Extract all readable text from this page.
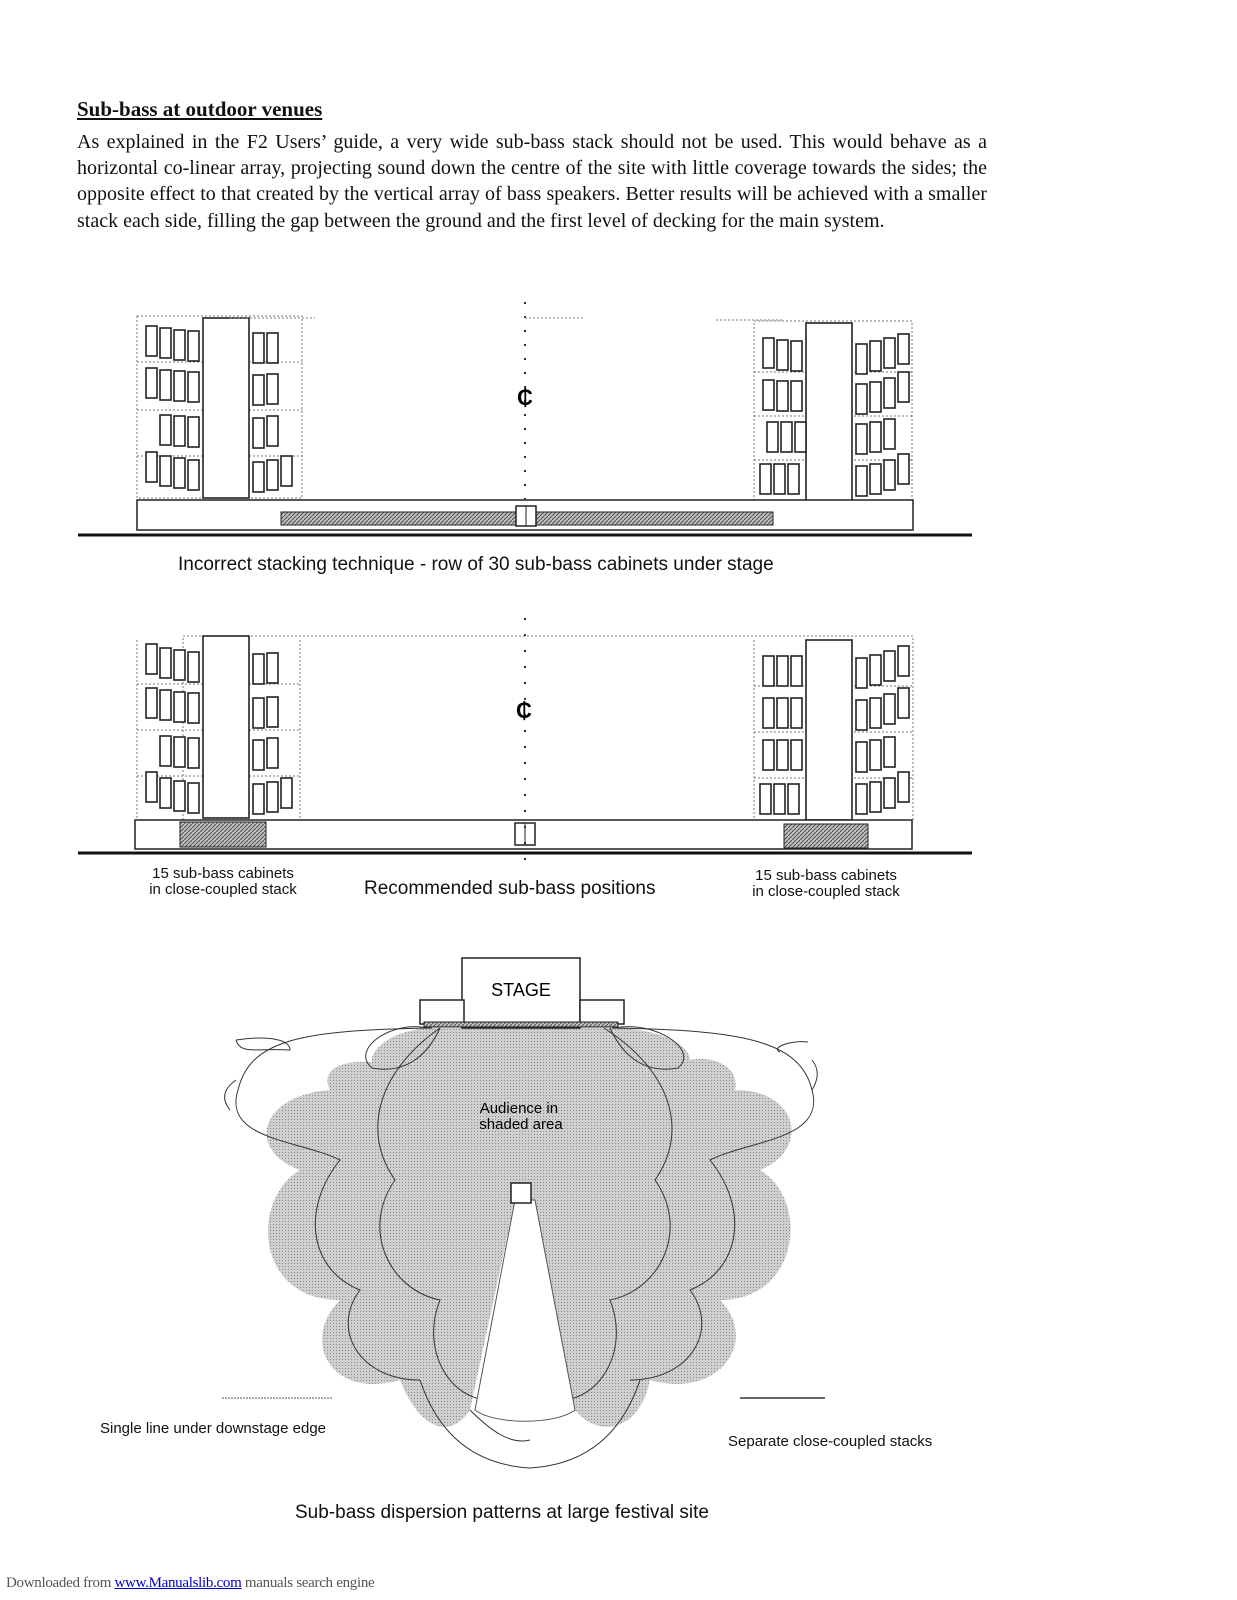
Sub-bass at outdoor venues
As explained in the F2 Users’ guide, a very wide sub-bass stack should not be used. This would behave as a horizontal co-linear array, projecting sound down the centre of the site with little coverage towards the sides; the opposite effect to that created by the vertical array of bass speakers. Better results will be achieved with a smaller stack each side, filling the gap between the ground and the first level of decking for the main system.
₵
₵
STAGE
Audience in shaded area
Incorrect stacking technique - row of 30 sub-bass cabinets under stage
Recommended sub-bass positions
15 sub-bass cabinets
in close-coupled stack
15 sub-bass cabinets
in close-coupled stack
Single line under downstage edge
Separate close-coupled stacks
Sub-bass dispersion patterns at large festival site
Downloaded from www.Manualslib.com manuals search engine
